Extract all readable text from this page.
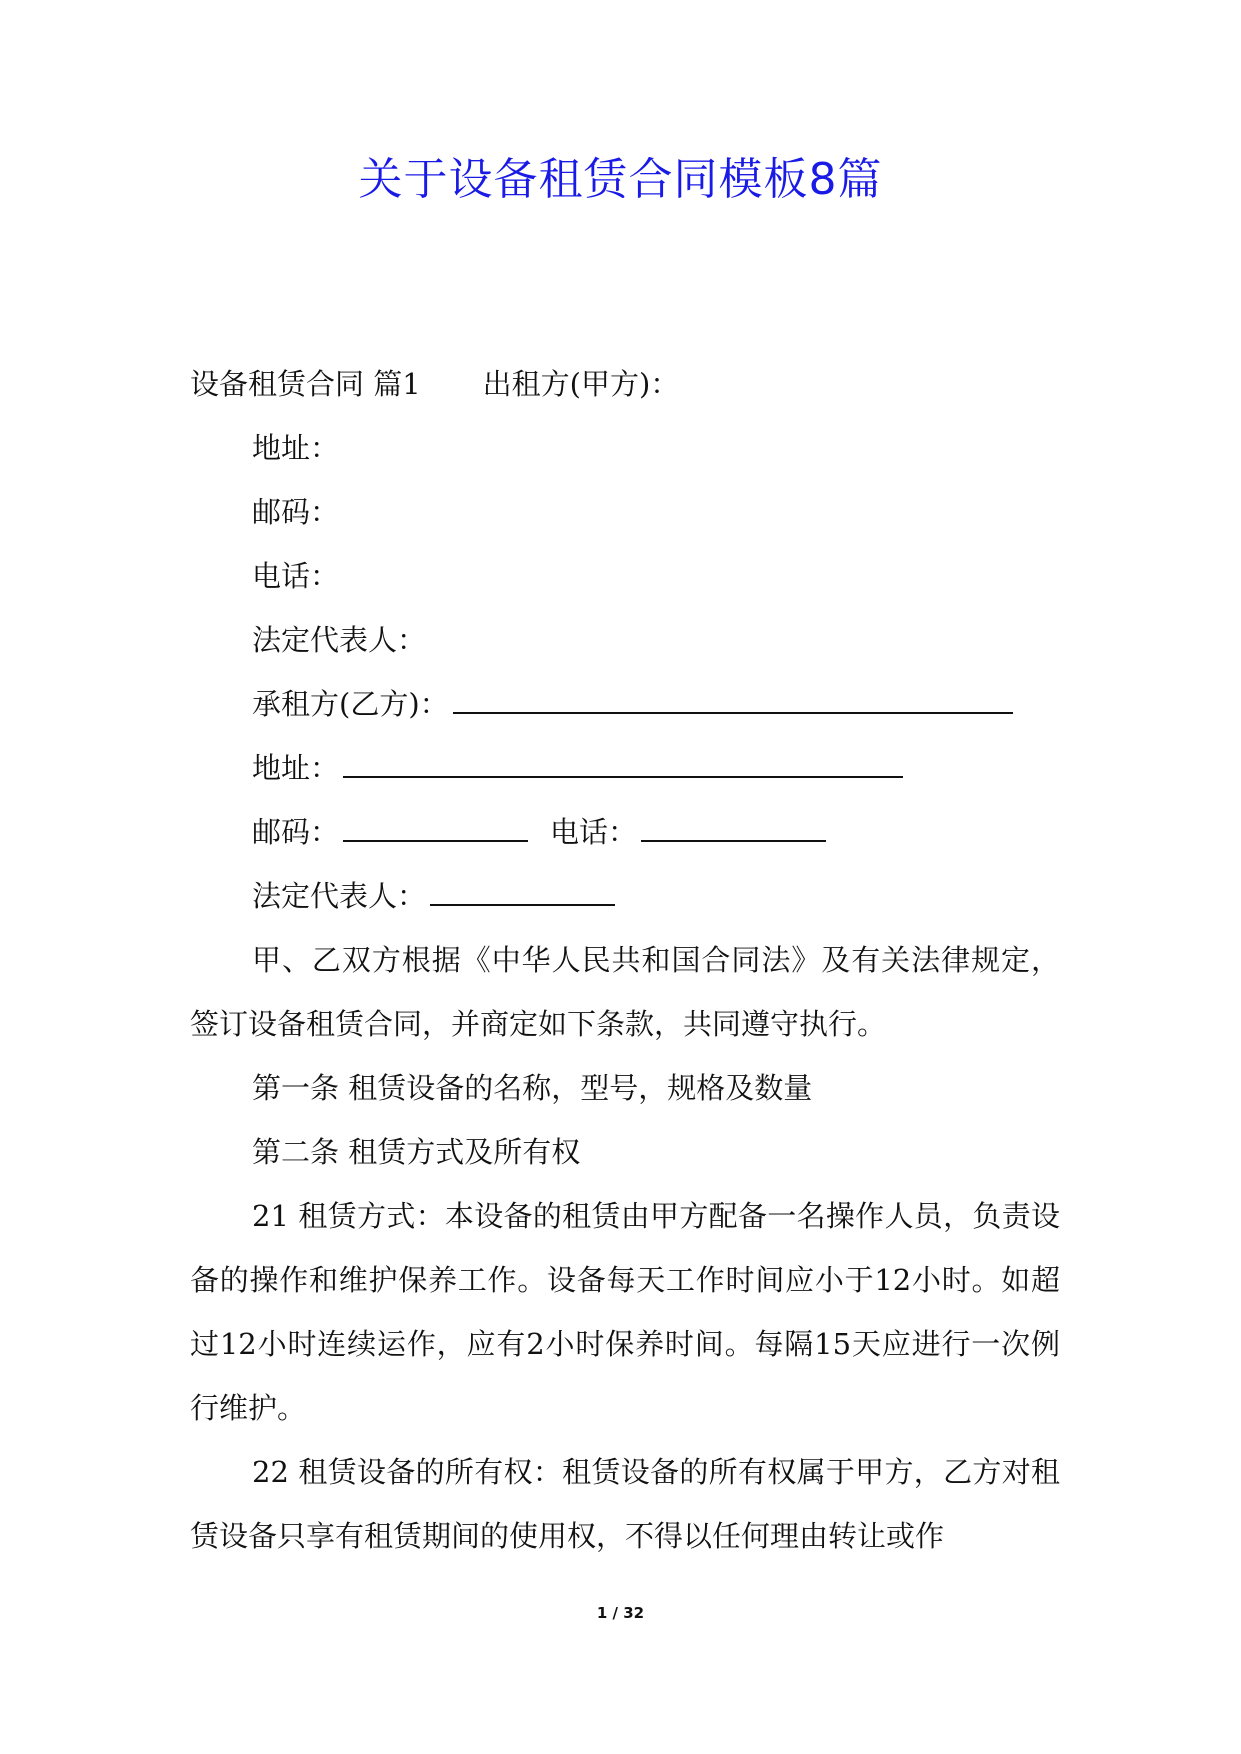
关于设备租赁合同模板8篇
设备租赁合同 篇1 出租方(甲方)：
地址：
邮码：
电话：
法定代表人：
承租方(乙方)：
地址：
邮码：	电话：
法定代表人：

甲、乙双方根据《中华人民共和国合同法》及有关法律规定，签订设备租赁合同，并商定如下条款，共同遵守执行。

第一条 租赁设备的名称，型号，规格及数量
第二条 租赁方式及所有权

21 租赁方式：本设备的租赁由甲方配备一名操作人员，负责设备的操作和维护保养工作。设备每天工作时间应小于12小时。如超过12小时连续运作，应有2小时保养时间。每隔15天应进行一次例行维护。

22 租赁设备的所有权：租赁设备的所有权属于甲方，乙方对租赁设备只享有租赁期间的使用权，不得以任何理由转让或作

1 / 32
